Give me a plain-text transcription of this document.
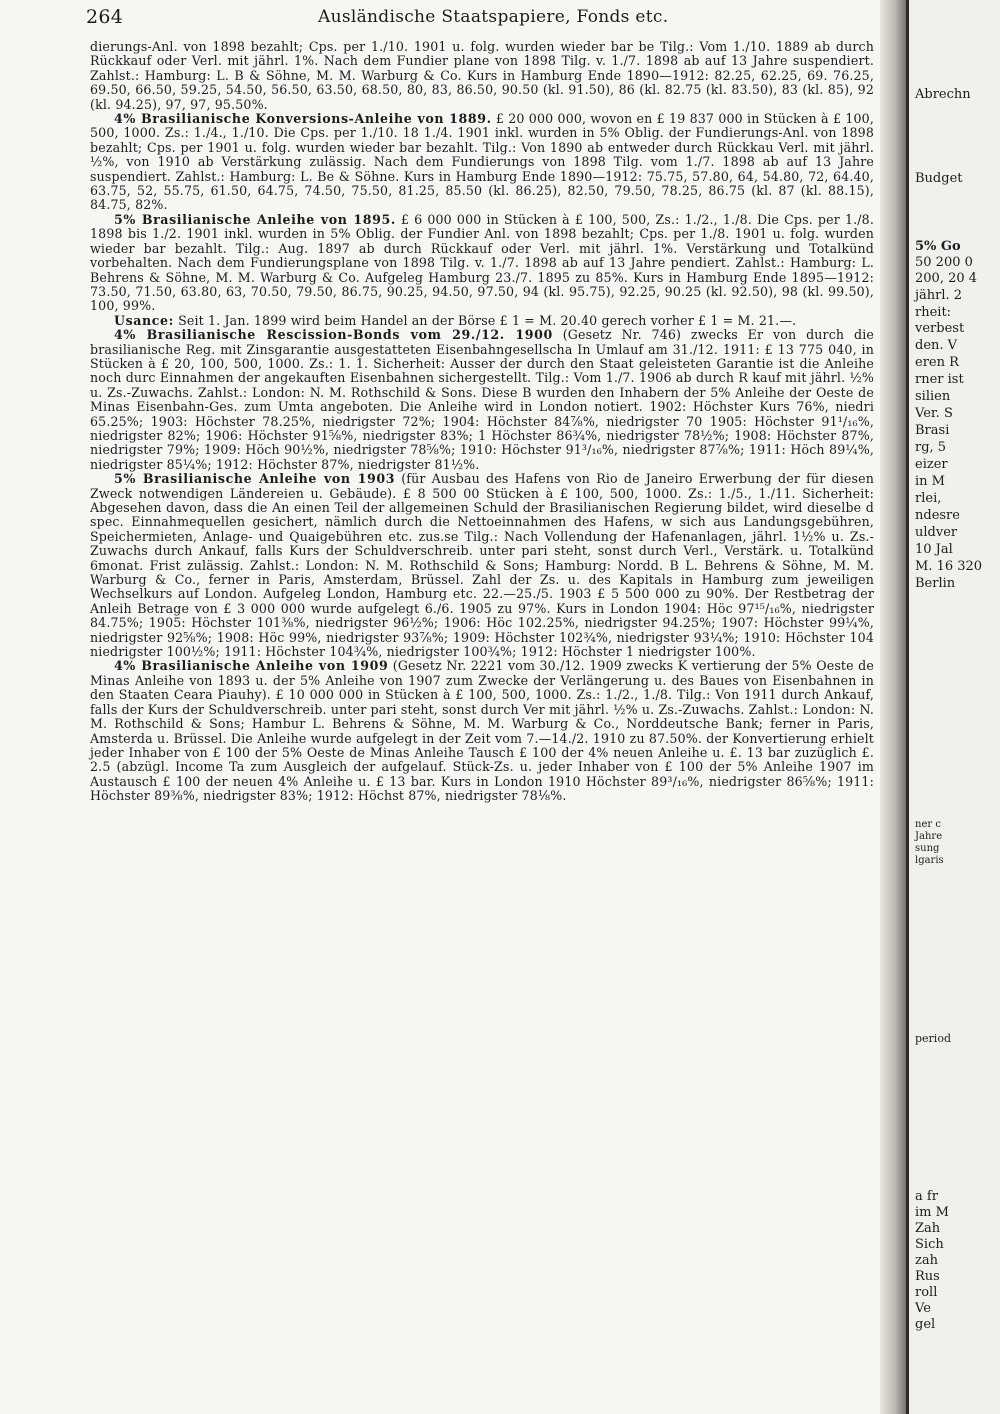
264	Ausländische Staatspapiere, Fonds etc.

dierungs-Anl. von 1898 bezahlt; Cps. per 1./10. 1901 u. folg. wurden wieder bar be Tilg.: Vom 1./10. 1889 ab durch Rückkauf oder Verl. mit jährl. 1%. Nach dem Fundier plane von 1898 Tilg. v. 1./7. 1898 ab auf 13 Jahre suspendiert. Zahlst.: Hamburg: L. B & Söhne, M. M. Warburg & Co. Kurs in Hamburg Ende 1890—1912: 82.25, 62.25, 69. 76.25, 69.50, 66.50, 59.25, 54.50, 56.50, 63.50, 68.50, 80, 83, 86.50, 90.50 (kl. 91.50), 86 (kl. 82.75 (kl. 83.50), 83 (kl. 85), 92 (kl. 94.25), 97, 97, 95.50%.

4% Brasilianische Konversions-Anleihe von 1889. £ 20 000 000, wovon en £ 19 837 000 in Stücken à £ 100, 500, 1000. Zs.: 1./4., 1./10. Die Cps. per 1./10. 18 1./4. 1901 inkl. wurden in 5% Oblig. der Fundierungs-Anl. von 1898 bezahlt; Cps. per 1901 u. folg. wurden wieder bar bezahlt. Tilg.: Von 1890 ab entweder durch Rückkau Verl. mit jährl. ½%, von 1910 ab Verstärkung zulässig. Nach dem Fundierungs von 1898 Tilg. vom 1./7. 1898 ab auf 13 Jahre suspendiert. Zahlst.: Hamburg: L. Be & Söhne. Kurs in Hamburg Ende 1890—1912: 75.75, 57.80, 64, 54.80, 72, 64.40, 63.75, 52, 55.75, 61.50, 64.75, 74.50, 75.50, 81.25, 85.50 (kl. 86.25), 82.50, 79.50, 78.25, 86.75 (kl. 87 (kl. 88.15), 84.75, 82%.

5% Brasilianische Anleihe von 1895. £ 6 000 000 in Stücken à £ 100, 500, Zs.: 1./2., 1./8. Die Cps. per 1./8. 1898 bis 1./2. 1901 inkl. wurden in 5% Oblig. der Fundier Anl. von 1898 bezahlt; Cps. per 1./8. 1901 u. folg. wurden wieder bar bezahlt. Tilg.: Aug. 1897 ab durch Rückkauf oder Verl. mit jährl. 1%. Verstärkung und Totalkünd vorbehalten. Nach dem Fundierungsplane von 1898 Tilg. v. 1./7. 1898 ab auf 13 Jahre pendiert. Zahlst.: Hamburg: L. Behrens & Söhne, M. M. Warburg & Co. Aufgeleg Hamburg 23./7. 1895 zu 85%. Kurs in Hamburg Ende 1895—1912: 73.50, 71.50, 63.80, 63, 70.50, 79.50, 86.75, 90.25, 94.50, 97.50, 94 (kl. 95.75), 92.25, 90.25 (kl. 92.50), 98 (kl. 99.50), 100, 99%.

Usance: Seit 1. Jan. 1899 wird beim Handel an der Börse £ 1 = M. 20.40 gerech vorher £ 1 = M. 21.—.

4% Brasilianische Rescission-Bonds vom 29./12. 1900 (Gesetz Nr. 746) zwecks Er von durch die brasilianische Reg. mit Zinsgarantie ausgestatteten Eisenbahngesellscha In Umlauf am 31./12. 1911: £ 13 775 040, in Stücken à £ 20, 100, 500, 1000. Zs.: 1. 1. Sicherheit: Ausser der durch den Staat geleisteten Garantie ist die Anleihe noch durc Einnahmen der angekauften Eisenbahnen sichergestellt. Tilg.: Vom 1./7. 1906 ab durch R kauf mit jährl. ½% u. Zs.-Zuwachs. Zahlst.: London: N. M. Rothschild & Sons. Diese B wurden den Inhabern der 5% Anleihe der Oeste de Minas Eisenbahn-Ges. zum Umta angeboten. Die Anleihe wird in London notiert. 1902: Höchster Kurs 76%, niedri 65.25%; 1903: Höchster 78.25%, niedrigster 72%; 1904: Höchster 84⅞%, niedrigster 70 1905: Höchster 91¹/₁₆%, niedrigster 82%; 1906: Höchster 91⅝%, niedrigster 83%; 1 Höchster 86¾%, niedrigster 78½%; 1908: Höchster 87%, niedrigster 79%; 1909: Höch 90½%, niedrigster 78⅝%; 1910: Höchster 91³/₁₆%, niedrigster 87⅞%; 1911: Höch 89¼%, niedrigster 85¼%; 1912: Höchster 87%, niedrigster 81½%.

5% Brasilianische Anleihe von 1903 (für Ausbau des Hafens von Rio de Janeiro Erwerbung der für diesen Zweck notwendigen Ländereien u. Gebäude). £ 8 500 00 Stücken à £ 100, 500, 1000. Zs.: 1./5., 1./11. Sicherheit: Abgesehen davon, dass die An einen Teil der allgemeinen Schuld der Brasilianischen Regierung bildet, wird dieselbe d spec. Einnahmequellen gesichert, nämlich durch die Nettoeinnahmen des Hafens, w sich aus Landungsgebühren, Speichermieten, Anlage- und Quaigebühren etc. zus.se Tilg.: Nach Vollendung der Hafenanlagen, jährl. 1½% u. Zs.-Zuwachs durch Ankauf, falls Kurs der Schuldverschreib. unter pari steht, sonst durch Verl., Verstärk. u. Totalkünd 6monat. Frist zulässig. Zahlst.: London: N. M. Rothschild & Sons; Hamburg: Nordd. B L. Behrens & Söhne, M. M. Warburg & Co., ferner in Paris, Amsterdam, Brüssel. Zahl der Zs. u. des Kapitals in Hamburg zum jeweiligen Wechselkurs auf London. Aufgeleg London, Hamburg etc. 22.—25./5. 1903 £ 5 500 000 zu 90%. Der Restbetrag der Anleih Betrage von £ 3 000 000 wurde aufgelegt 6./6. 1905 zu 97%. Kurs in London 1904: Höc 97¹⁵/₁₆%, niedrigster 84.75%; 1905: Höchster 101⅜%, niedrigster 96½%; 1906: Höc 102.25%, niedrigster 94.25%; 1907: Höchster 99¼%, niedrigster 92⅝%; 1908: Höc 99%, niedrigster 93⅞%; 1909: Höchster 102¾%, niedrigster 93¼%; 1910: Höchster 104 niedrigster 100½%; 1911: Höchster 104¾%, niedrigster 100¾%; 1912: Höchster 1 niedrigster 100%.

4% Brasilianische Anleihe von 1909 (Gesetz Nr. 2221 vom 30./12. 1909 zwecks K vertierung der 5% Oeste de Minas Anleihe von 1893 u. der 5% Anleihe von 1907 zum Zwecke der Verlängerung u. des Baues von Eisenbahnen in den Staaten Ceara Piauhy). £ 10 000 000 in Stücken à £ 100, 500, 1000. Zs.: 1./2., 1./8. Tilg.: Von 1911 durch Ankauf, falls der Kurs der Schuldverschreib. unter pari steht, sonst durch Ver mit jährl. ½% u. Zs.-Zuwachs. Zahlst.: London: N. M. Rothschild & Sons; Hambur L. Behrens & Söhne, M. M. Warburg & Co., Norddeutsche Bank; ferner in Paris, Amsterda u. Brüssel. Die Anleihe wurde aufgelegt in der Zeit vom 7.—14./2. 1910 zu 87.50%. der Konvertierung erhielt jeder Inhaber von £ 100 der 5% Oeste de Minas Anleihe Tausch £ 100 der 4% neuen Anleihe u. £. 13 bar zuzüglich £. 2.5 (abzügl. Income Ta zum Ausgleich der aufgelauf. Stück-Zs. u. jeder Inhaber von £ 100 der 5% Anleihe 1907 im Austausch £ 100 der neuen 4% Anleihe u. £ 13 bar. Kurs in London 1910 Höchster 89³/₁₆%, niedrigster 86⅝%; 1911: Höchster 89⅜%, niedrigster 83%; 1912: Höchst 87%, niedrigster 78⅛%.

Abrechn
Budget
5% Go
50 200 0
200, 20 4
jährl. 2
rheit:
verbest
den. V
eren R
rner ist
silien
Ver. S
Brasi
rg, 5
eizer
in M
rlei,
ndesre
uldver
10 Jal
M. 16 320
Berlin
ner c
Jahre
sung
lgaris
period
a fr
im M
Zah
Sich
zah
Rus
roll
Ve
gel
